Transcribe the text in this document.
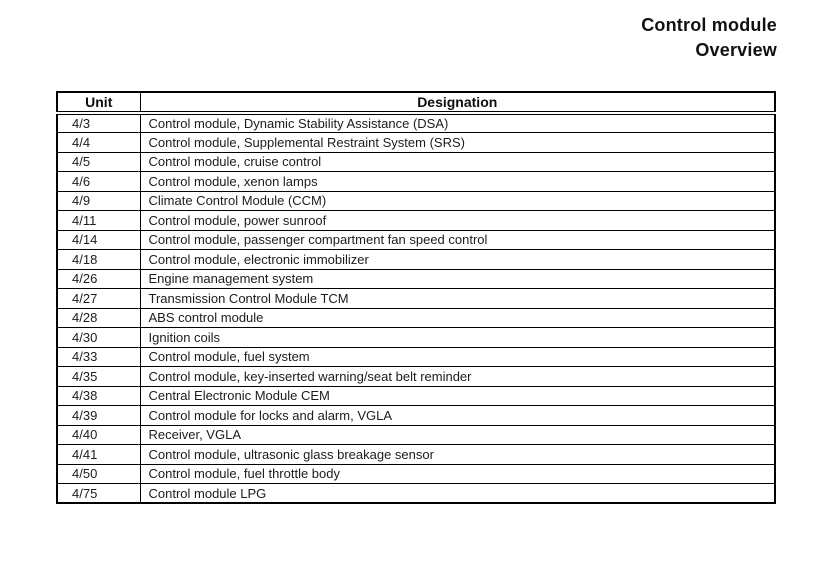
Control module
Overview
Unit	Designation
4/3	Control module, Dynamic Stability Assistance (DSA)
4/4	Control module, Supplemental Restraint System (SRS)
4/5	Control module, cruise control
4/6	Control module, xenon lamps
4/9	Climate Control Module (CCM)
4/11	Control module, power sunroof
4/14	Control module, passenger compartment fan speed control
4/18	Control module, electronic immobilizer
4/26	Engine management system
4/27	Transmission Control Module TCM
4/28	ABS control module
4/30	Ignition coils
4/33	Control module, fuel system
4/35	Control module, key-inserted warning/seat belt reminder
4/38	Central Electronic Module CEM
4/39	Control module for locks and alarm, VGLA
4/40	Receiver, VGLA
4/41	Control module, ultrasonic glass breakage sensor
4/50	Control module, fuel throttle body
4/75	Control module LPG
